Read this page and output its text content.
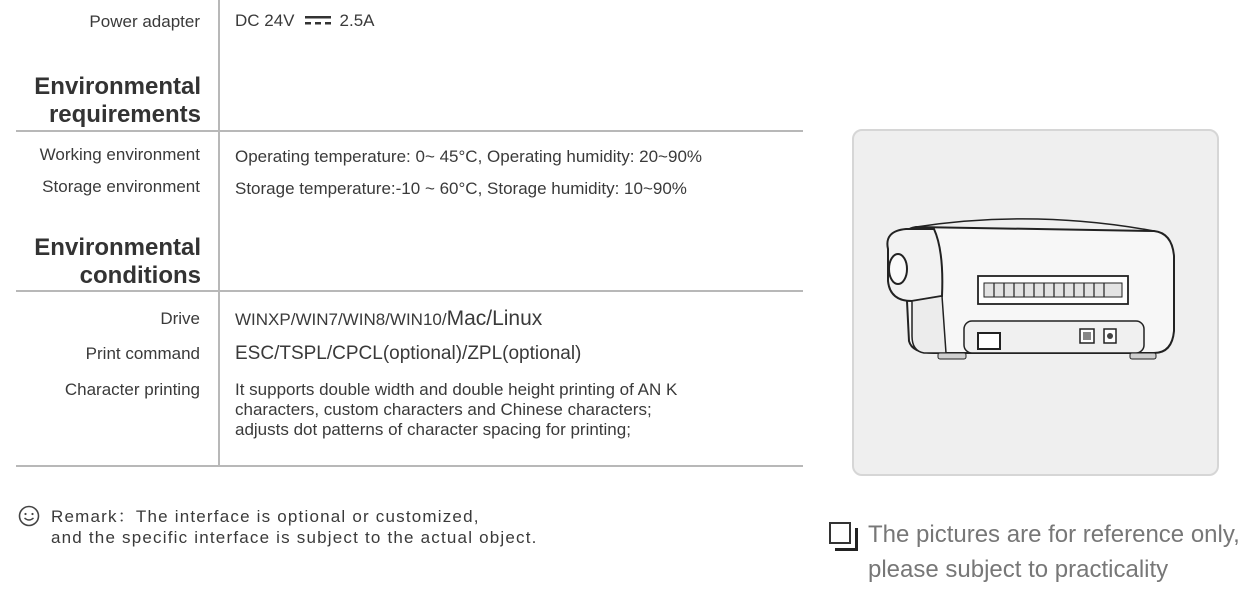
Power adapter DC 24V	2.5A
Environmental
requirements
Working environment Operating temperature: 0~ 45°C, Operating humidity: 20~90%
Storage environment Storage temperature:-10 ~ 60°C, Storage humidity: 10~90%
Environmental
conditions
Drive WINXP/WIN7/WIN8/WIN10/Mac/Linux
Print command ESC/TSPL/CPCL(optional)/ZPL(optional)
Character printing It supports double width and double height printing of AN K
characters, custom characters and Chinese characters;
adjusts dot patterns of character spacing for printing;
Remark：The interface is optional or customized,
and the specific interface is subject to the actual object.	The pictures are for reference only,
please subject to practicality
